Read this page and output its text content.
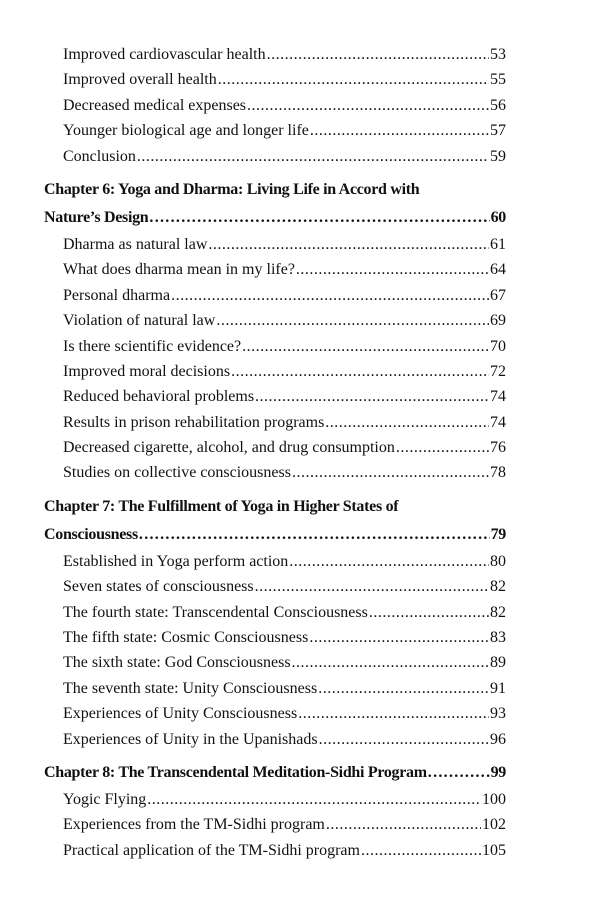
Improved cardiovascular health .....	53
Improved overall health .....	55
Decreased medical expenses .....	56
Younger biological age and longer life .....	57
Conclusion .....	59
Chapter 6: Yoga and Dharma: Living Life in Accord with
Nature’s Design .....	60
Dharma as natural law .....	61
What does dharma mean in my life? .....	64
Personal dharma .....	67
Violation of natural law .....	69
Is there scientific evidence? .....	70
Improved moral decisions .....	72
Reduced behavioral problems .....	74
Results in prison rehabilitation programs .....	74
Decreased cigarette, alcohol, and drug consumption .....	76
Studies on collective consciousness .....	78
Chapter 7: The Fulfillment of Yoga in Higher States of
Consciousness .....	79
Established in Yoga perform action .....	80
Seven states of consciousness .....	82
The fourth state: Transcendental Consciousness .....	82
The fifth state: Cosmic Consciousness .....	83
The sixth state: God Consciousness .....	89
The seventh state: Unity Consciousness .....	91
Experiences of Unity Consciousness .....	93
Experiences of Unity in the Upanishads .....	96
Chapter 8: The Transcendental Meditation-Sidhi Program .....	99
Yogic Flying .....	100
Experiences from the TM-Sidhi program .....	102
Practical application of the TM-Sidhi program .....	105
